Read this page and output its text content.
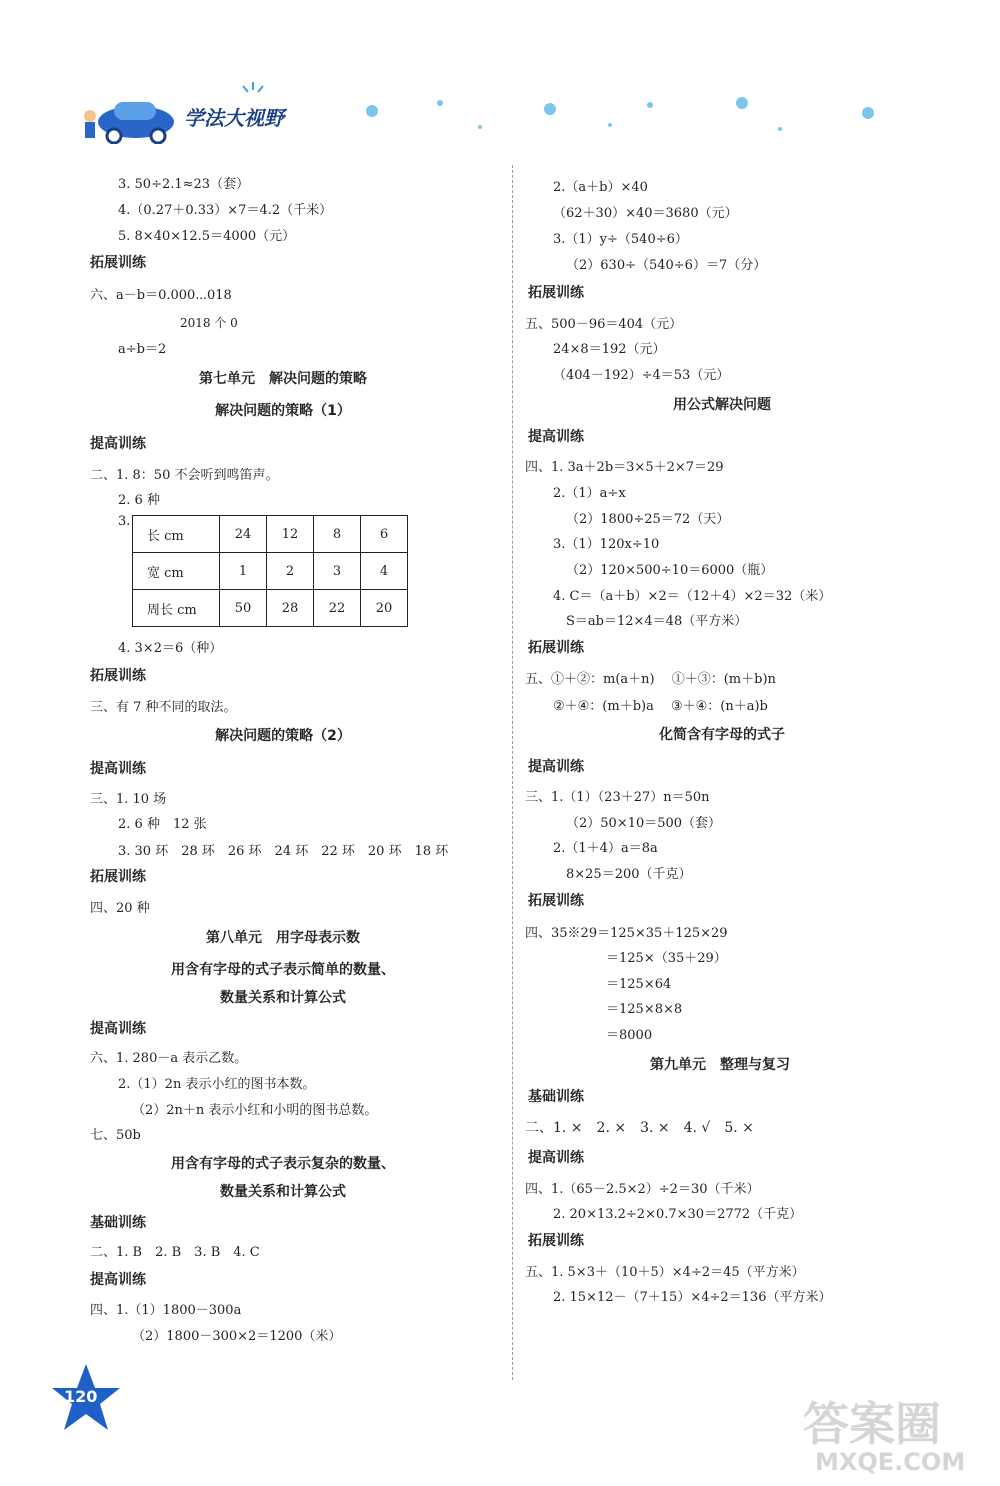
学法大视野
3. 50÷2.1≈23（套）
4.（0.27＋0.33）×7＝4.2（千米）
5. 8×40×12.5＝4000（元）
拓展训练
六、a－b＝0.000⋯018
2018 个 0
a÷b＝2
第七单元　解决问题的策略
解决问题的策略（1）
提高训练
二、1. 8：50 不会听到鸣笛声。
2. 6 种
3.
长 cm	24	12	8	6
宽 cm	1	2	3	4
周长 cm	50	28	22	20
4. 3×2＝6（种）
拓展训练
三、有 7 种不同的取法。
解决问题的策略（2）
提高训练
三、1. 10 场
2. 6 种　12 张
3. 30 环　28 环　26 环　24 环　22 环　20 环　18 环
拓展训练
四、20 种
第八单元　用字母表示数
用含有字母的式子表示简单的数量、
数量关系和计算公式
提高训练
六、1. 280－a 表示乙数。
2.（1）2n 表示小红的图书本数。
（2）2n＋n 表示小红和小明的图书总数。
七、50b
用含有字母的式子表示复杂的数量、
数量关系和计算公式
基础训练
二、1. B　2. B　3. B　4. C
提高训练
四、1.（1）1800－300a
（2）1800－300×2＝1200（米）
2.（a＋b）×40
（62＋30）×40＝3680（元）
3.（1）y÷（540÷6）
（2）630÷（540÷6）＝7（分）
拓展训练
五、500－96＝404（元）
24×8＝192（元）
（404－192）÷4＝53（元）
用公式解决问题
提高训练
四、1. 3a＋2b＝3×5＋2×7＝29
2.（1）a÷x
（2）1800÷25＝72（天）
3.（1）120x÷10
（2）120×500÷10＝6000（瓶）
4. C＝（a＋b）×2＝（12＋4）×2＝32（米）
S＝ab＝12×4＝48（平方米）
拓展训练
五、①＋②：m(a＋n)　 ①＋③：(m＋b)n
②＋④：(m＋b)a　 ③＋④：(n＋a)b
化简含有字母的式子
提高训练
三、1.（1）（23＋27）n＝50n
（2）50×10＝500（套）
2.（1＋4）a＝8a
8×25＝200（千克）
拓展训练
四、35※29＝125×35＋125×29
＝125×（35＋29）
＝125×64
＝125×8×8
＝8000
第九单元　整理与复习
基础训练
二、1. ×　2. ×　3. ×　4. √　5. ×
提高训练
四、1.（65－2.5×2）÷2＝30（千米）
2. 20×13.2÷2×0.7×30＝2772（千克）
拓展训练
五、1. 5×3＋（10＋5）×4÷2＝45（平方米）
2. 15×12－（7＋15）×4÷2＝136（平方米）
120
答案圈
MXQE.COM
